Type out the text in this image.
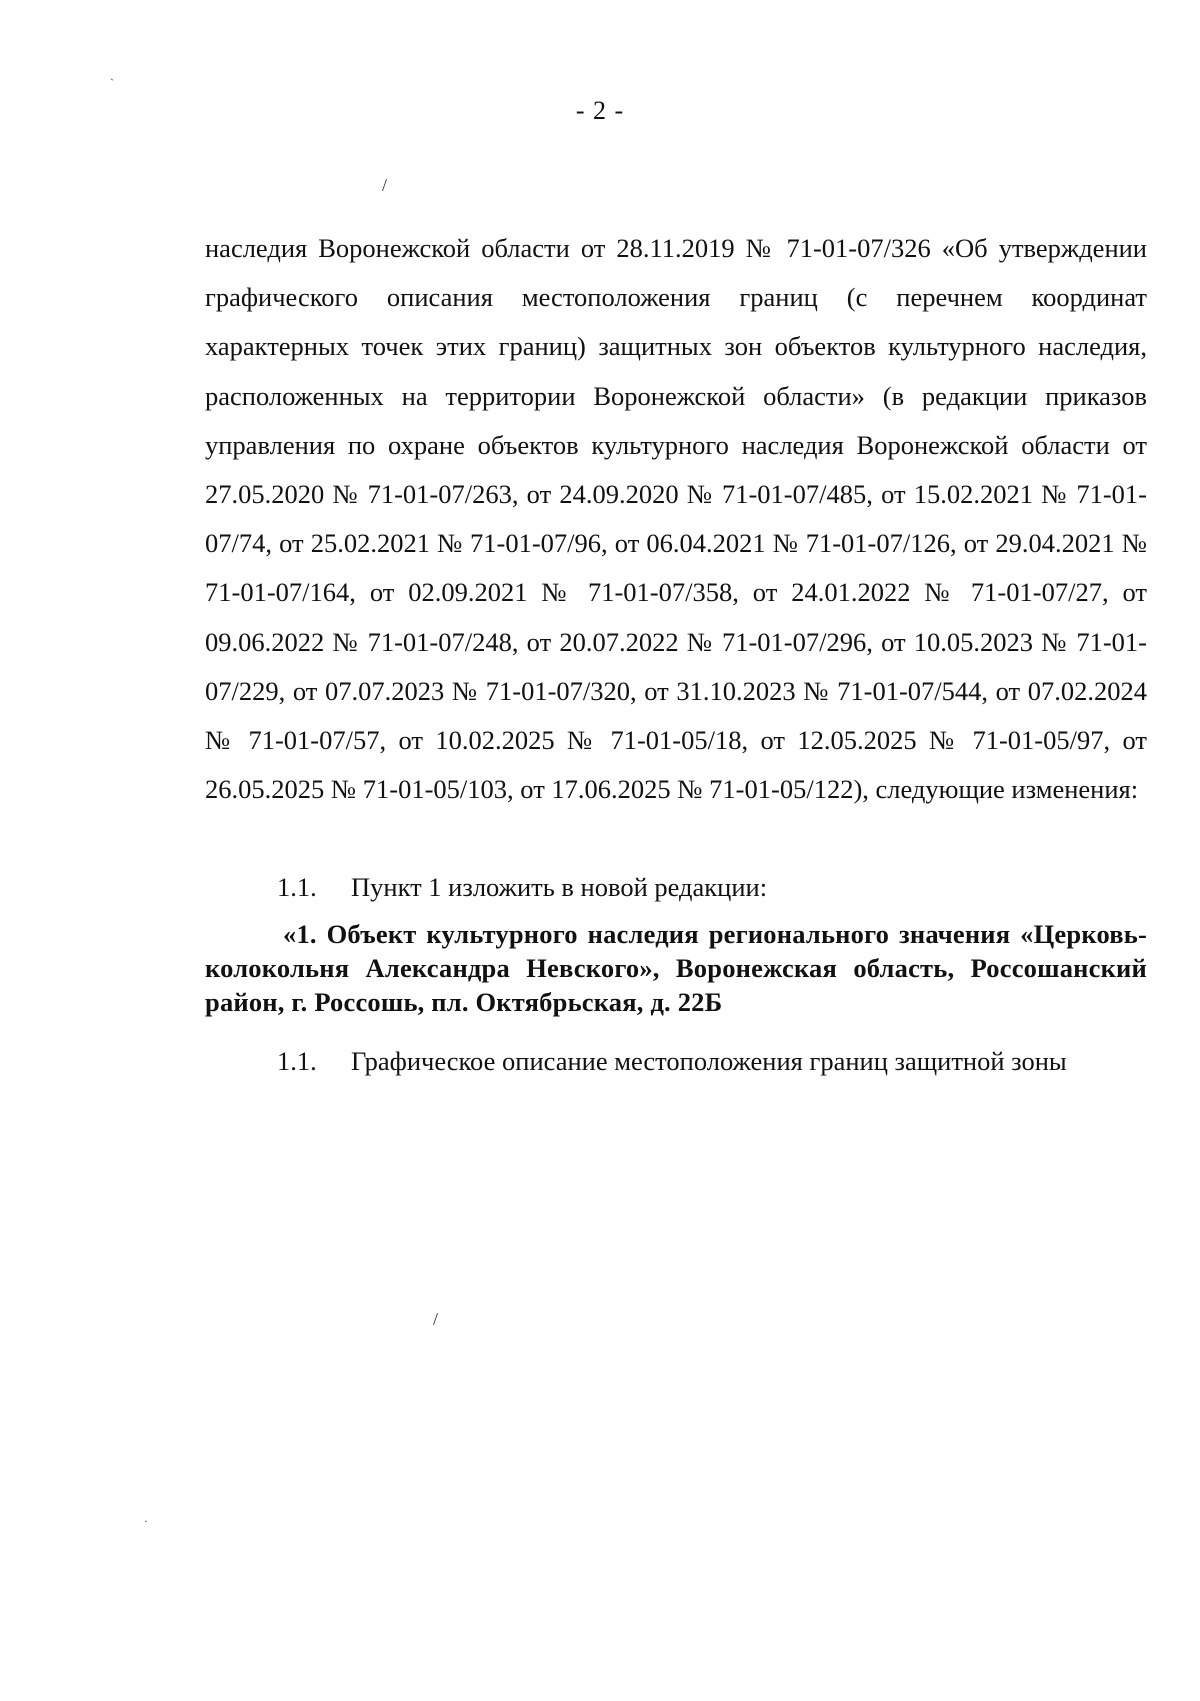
- 2 -
ˋ
/

наследия Воронежской области от 28.11.2019 № 71-01-07/326 «Об утверждении графического описания местоположения границ (с перечнем координат характерных точек этих границ) защитных зон объектов культурного наследия, расположенных на территории Воронежской области» (в редакции приказов управления по охране объектов культурного наследия Воронежской области от 27.05.2020 № 71-01-07/263, от 24.09.2020 № 71-01-07/485, от 15.02.2021 № 71-01-07/74, от 25.02.2021 № 71-01-07/96, от 06.04.2021 № 71-01-07/126, от 29.04.2021 № 71-01-07/164, от 02.09.2021 № 71-01-07/358, от 24.01.2022 № 71-01-07/27, от 09.06.2022 № 71-01-07/248, от 20.07.2022 № 71-01-07/296, от 10.05.2023 № 71-01-07/229, от 07.07.2023 № 71-01-07/320, от 31.10.2023 № 71-01-07/544, от 07.02.2024 № 71-01-07/57, от 10.02.2025 № 71-01-05/18, от 12.05.2025 № 71-01-05/97, от 26.05.2025 № 71-01-05/103, от 17.06.2025 № 71-01-05/122), следующие изменения:

1.1. Пункт 1 изложить в новой редакции:

«1. Объект культурного наследия регионального значения «Церковь-колокольня Александра Невского», Воронежская область, Россошанский район, г. Россошь, пл. Октябрьская, д. 22Б

1.1. Графическое описание местоположения границ защитной зоны

/
·
